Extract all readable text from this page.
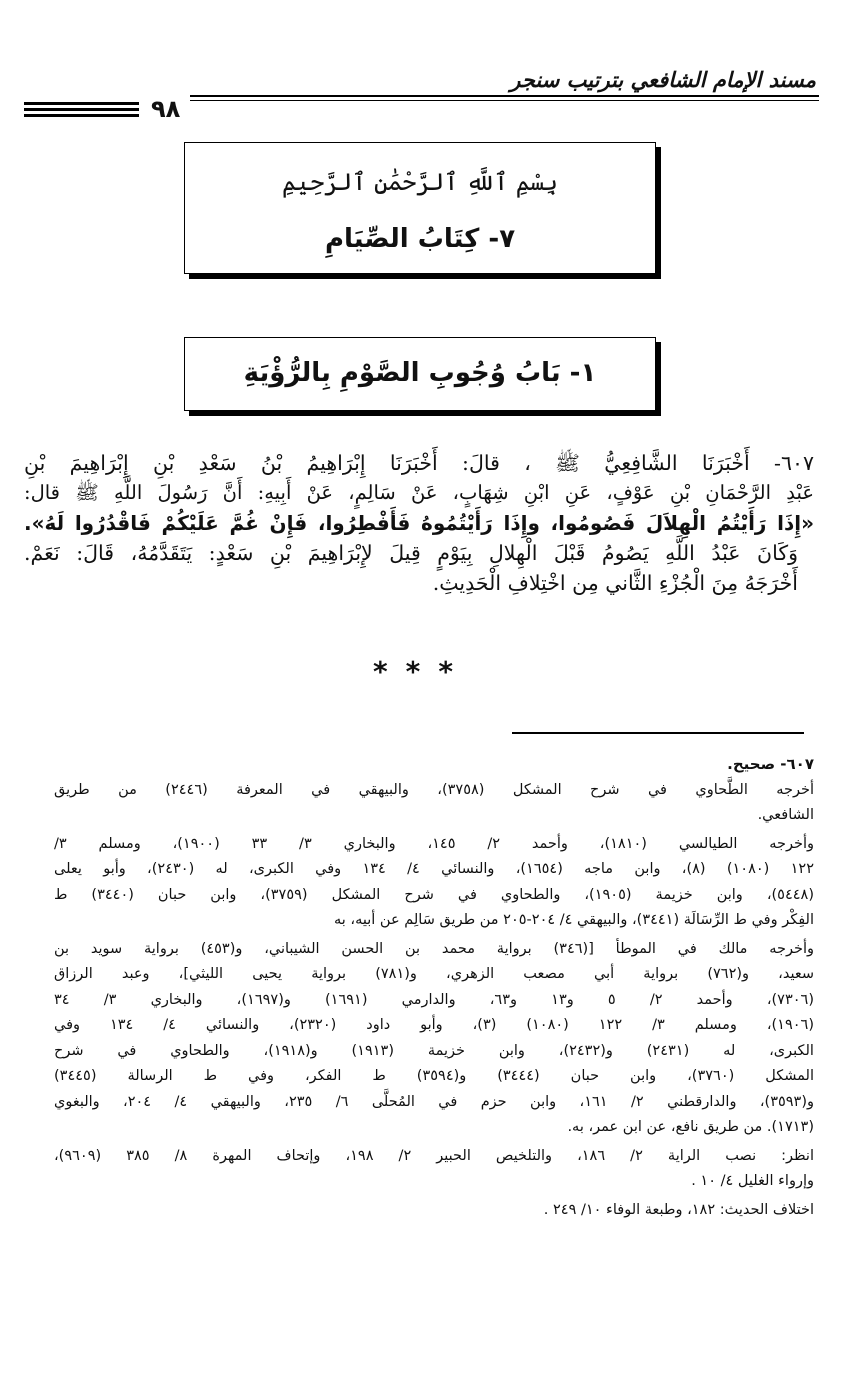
مسند الإمام الشافعي بترتيب سنجر
٩٨
بِسْمِ ٱللَّهِ ٱلرَّحْمَٰنِ ٱلرَّحِيمِ
٧- كِتَابُ الصِّيَامِ
١- بَابُ وُجُوبِ الصَّوْمِ بِالرُّؤْيَةِ
٦٠٧- أَخْبَرَنَا الشَّافِعِيُّ ﷺ ، قالَ: أَخْبَرَنَا إِبْرَاهِيمُ بْنُ سَعْدِ بْنِ إِبْرَاهِيمَ بْنِ
عَبْدِ الرَّحْمَانِ بْنِ عَوْفٍ، عَنِ ابْنِ شِهَابٍ، عَنْ سَالِمٍ، عَنْ أَبِيهِ: أَنَّ رَسُولَ اللَّهِ ﷺ قال:
«إِذَا رَأَيْتُمُ الْهِلاَلَ فَصُومُوا، وإِذَا رَأَيْتُمُوهُ فَأَفْطِرُوا، فَإِنْ غُمَّ عَلَيْكُمْ فَاقْدُرُوا لَهُ».
وَكَانَ عَبْدُ اللَّهِ يَصُومُ قَبْلَ الْهِلالِ بِيَوْمٍ قِيلَ لإِبْرَاهِيمَ بْنِ سَعْدٍ: يَتَقَدَّمُهُ، قَالَ: نَعَمْ.
أَخْرَجَهُ مِنَ الْجُزْءِ الثَّاني مِن اخْتِلافِ الْحَدِيثِ.
***
٦٠٧- صحيح.
أخرجه الطَّحاوي في شرح المشكل (٣٧٥٨)، والبيهقي في المعرفة (٢٤٤٦) من طريق
الشافعي.
وأخرجه الطيالسي (١٨١٠)، وأحمد ٢/ ١٤٥، والبخاري ٣/ ٣٣ (١٩٠٠)، ومسلم ٣/
١٢٢ (١٠٨٠) (٨)، وابن ماجه (١٦٥٤)، والنسائي ٤/ ١٣٤ وفي الكبرى، له (٢٤٣٠)، وأبو يعلى
(٥٤٤٨)، وابن خزيمة (١٩٠٥)، والطحاوي في شرح المشكل (٣٧٥٩)، وابن حبان (٣٤٤٠) ط
الفِكْر وفي ط الرِّسَالَة (٣٤٤١)، والبيهقي ٤/ ٢٠٤-٢٠٥ من طريق سَالِم عن أبيه، به
وأخرجه مالك في الموطأ [(٣٤٦) برواية محمد بن الحسن الشيباني، و(٤٥٣) برواية سويد بن
سعيد، و(٧٦٢) برواية أبي مصعب الزهري، و(٧٨١) برواية يحيى الليثي]، وعبد الرزاق
(٧٣٠٦)، وأحمد ٢/ ٥ و١٣ و٦٣، والدارمي (١٦٩١) و(١٦٩٧)، والبخاري ٣/ ٣٤
(١٩٠٦)، ومسلم ٣/ ١٢٢ (١٠٨٠) (٣)، وأبو داود (٢٣٢٠)، والنسائي ٤/ ١٣٤ وفي
الكبرى، له (٢٤٣١) و(٢٤٣٢)، وابن خزيمة (١٩١٣) و(١٩١٨)، والطحاوي في شرح
المشكل (٣٧٦٠)، وابن حبان (٣٤٤٤) و(٣٥٩٤) ط الفكر، وفي ط الرسالة (٣٤٤٥)
و(٣٥٩٣)، والدارقطني ٢/ ١٦١، وابن حزم في المُحلَّى ٦/ ٢٣٥، والبيهقي ٤/ ٢٠٤، والبغوي
(١٧١٣). من طريق نافع، عن ابن عمر، به.
انظر: نصب الراية ٢/ ١٨٦، والتلخيص الحبير ٢/ ١٩٨، وإتحاف المهرة ٨/ ٣٨٥ (٩٦٠٩)،
وإرواء الغليل ٤/ ١٠ .
اختلاف الحديث: ١٨٢، وطبعة الوفاء ١٠/ ٢٤٩ .
